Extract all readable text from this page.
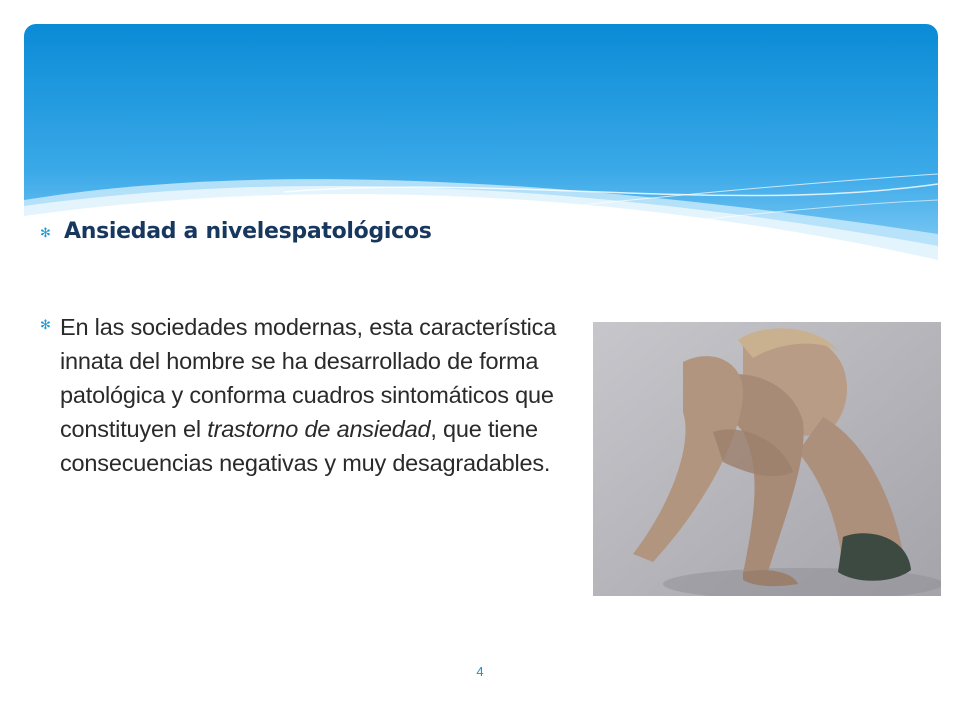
✻ Ansiedad a nivelespatológicos
✻ En las sociedades modernas, esta característica innata del hombre se ha desarrollado de forma patológica y conforma cuadros sintomáticos que constituyen el trastorno de ansiedad, que tiene consecuencias negativas y muy desagradables.
4
